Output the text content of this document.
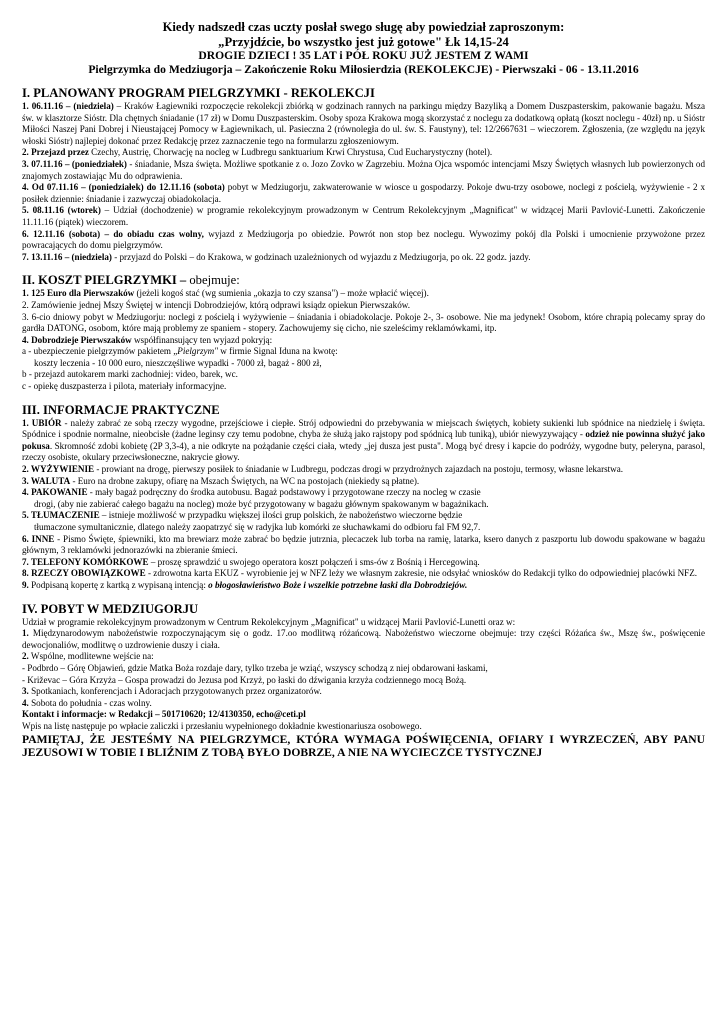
Kiedy nadszedł czas uczty posłał swego sługę aby powiedział zaproszonym:
„Przyjdźcie, bo wszystko jest już gotowe" Łk 14,15-24
DROGIE DZIECI ! 35 LAT i PÓŁ ROKU JUŻ JESTEM Z WAMI
Pielgrzymka do Medziugorja – Zakończenie Roku Miłosierdzia (REKOLEKCJE) - Pierwszaki - 06 - 13.11.2016
I. PLANOWANY PROGRAM PIELGRZYMKI - REKOLEKCJI

1. 06.11.16 – (niedziela) – Kraków Łagiewniki rozpoczęcie rekolekcji zbiórką w godzinach rannych na parkingu między Bazyliką a Domem Duszpasterskim, pakowanie bagażu. Msza św. w klasztorze Sióstr. Dla chętnych śniadanie (17 zł) w Domu Duszpasterskim. Osoby spoza Krakowa mogą skorzystać z noclegu za dodatkową opłatą (koszt noclegu - 40zł) np. u Sióstr Miłości Naszej Pani Dobrej i Nieustającej Pomocy w Łagiewnikach, ul. Pasieczna 2 (równoległa do ul. św. S. Faustyny), tel: 12/2667631 – wieczorem. Zgłoszenia, (ze względu na język włoski Sióstr) najlepiej dokonać przez Redakcję przez zaznaczenie tego na formularzu zgłoszeniowym.

2. Przejazd przez Czechy, Austrię, Chorwację na nocleg w Ludbregu sanktuarium Krwi Chrystusa, Cud Eucharystyczny (hotel).

3. 07.11.16 – (poniedziałek) - śniadanie, Msza święta. Możliwe spotkanie z o. Jozo Zovko w Zagrzebiu. Można Ojca wspomóc intencjami Mszy Świętych własnych lub powierzonych od znajomych zostawiając Mu do odprawienia.

4. Od 07.11.16 – (poniedziałek) do 12.11.16 (sobota) pobyt w Medziugorju, zakwaterowanie w wiosce u gospodarzy. Pokoje dwu-trzy osobowe, noclegi z pościelą, wyżywienie - 2 x posiłek dziennie: śniadanie i zazwyczaj obiadokolacja.

5. 08.11.16 (wtorek) – Udział (dochodzenie) w programie rekolekcyjnym prowadzonym w Centrum Rekolekcyjnym „Magnificat" w widzącej Marii Pavlović-Lunetti. Zakończenie 11.11.16 (piątek) wieczorem.

6. 12.11.16 (sobota) – do obiadu czas wolny, wyjazd z Medziugorja po obiedzie. Powrót non stop bez noclegu. Wywozimy pokój dla Polski i umocnienie przywożone przez powracających do domu pielgrzymów.

7. 13.11.16 – (niedziela) - przyjazd do Polski – do Krakowa, w godzinach uzależnionych od wyjazdu z Medziugorja, po ok. 22 godz. jazdy.

II. KOSZT PIELGRZYMKI – obejmuje:

1. 125 Euro dla Pierwszaków (jeżeli kogoś stać (wg sumienia „okazja to czy szansa") – może wpłacić więcej).

2. Zamówienie jednej Mszy Świętej w intencji Dobrodziejów, którą odprawi ksiądz opiekun Pierwszaków.

3. 6-cio dniowy pobyt w Medziugorju: noclegi z pościelą i wyżywienie – śniadania i obiadokolacje. Pokoje 2-, 3- osobowe. Nie ma jedynek! Osobom, które chrapią polecamy spray do gardła DATONG, osobom, które mają problemy ze spaniem - stopery. Zachowujemy się cicho, nie szeleścimy reklamówkami, itp.

4. Dobrodzieje Pierwszaków współfinansujący ten wyjazd pokryją:

a - ubezpieczenie pielgrzymów pakietem „Pielgrzym" w firmie Signal Iduna na kwotę:

koszty leczenia - 10 000 euro, nieszczęśliwe wypadki - 7000 zł, bagaż - 800 zł,

b - przejazd autokarem marki zachodniej: video, barek, wc.

c - opiekę duszpasterza i pilota, materiały informacyjne.

III. INFORMACJE PRAKTYCZNE

1. UBIÓR - należy zabrać ze sobą rzeczy wygodne, przejściowe i ciepłe. Strój odpowiedni do przebywania w miejscach świętych, kobiety sukienki lub spódnice na niedzielę i święta. Spódnice i spodnie normalne, nieobcisłe (żadne leginsy czy temu podobne, chyba że służą jako rajstopy pod spódnicą lub tuniką), ubiór niewyzywający - odzież nie powinna służyć jako pokusa. Skromność zdobi kobietę (2P 3,3-4), a nie odkryte na pożądanie części ciała, wtedy „jej dusza jest pusta". Mogą być dresy i kapcie do podróży, wygodne buty, peleryna, parasol, rzeczy osobiste, okulary przeciwsłoneczne, nakrycie głowy.

2. WYŻYWIENIE - prowiant na drogę, pierwszy posiłek to śniadanie w Ludbregu, podczas drogi w przydrożnych zajazdach na postoju, termosy, własne lekarstwa.

3. WALUTA - Euro na drobne zakupy, ofiarę na Mszach Świętych, na WC na postojach (niekiedy są płatne).

4. PAKOWANIE - mały bagaż podręczny do środka autobusu. Bagaż podstawowy i przygotowane rzeczy na nocleg w czasie

drogi, (aby nie zabierać całego bagażu na nocleg) może być przygotowany w bagażu głównym spakowanym w bagażnikach.

5. TŁUMACZENIE – istnieje możliwość w przypadku większej ilości grup polskich, że nabożeństwo wieczorne będzie

tłumaczone symultanicznie, dlatego należy zaopatrzyć się w radyjka lub komórki ze słuchawkami do odbioru fal FM 92,7.

6. INNE - Pismo Święte, śpiewniki, kto ma brewiarz może zabrać bo będzie jutrznia, plecaczek lub torba na ramię, latarka, ksero danych z paszportu lub dowodu spakowane w bagażu głównym, 3 reklamówki jednorazówki na zbieranie śmieci.

7. TELEFONY KOMÓRKOWE – proszę sprawdzić u swojego operatora koszt połączeń i sms-ów z Bośnią i Hercegowiną.

8. RZECZY OBOWIĄZKOWE - zdrowotna karta EKUZ - wyrobienie jej w NFZ leży we własnym zakresie, nie odsyłać wniosków do Redakcji tylko do odpowiedniej placówki NFZ.

9. Podpisaną kopertę z kartką z wypisaną intencją: o błogosławieństwo Boże i wszelkie potrzebne łaski dla Dobrodziejów.

IV. POBYT W MEDZIUGORJU

Udział w programie rekolekcyjnym prowadzonym w Centrum Rekolekcyjnym „Magnificat" u widzącej Marii Pavlović-Lunetti oraz w:

1. Międzynarodowym nabożeństwie rozpoczynającym się o godz. 17.oo modlitwą różańcową. Nabożeństwo wieczorne obejmuje: trzy części Różańca św., Mszę św., poświęcenie dewocjonaliów, modlitwę o uzdrowienie duszy i ciała.

2. Wspólne, modlitewne wejście na:

- Podbrdo – Górę Objawień, gdzie Matka Boża rozdaje dary, tylko trzeba je wziąć, wszyscy schodzą z niej obdarowani łaskami,

- Križevac – Góra Krzyża – Gospa prowadzi do Jezusa pod Krzyż, po łaski do dźwigania krzyża codziennego mocą Bożą.

3. Spotkaniach, konferencjach i Adoracjach przygotowanych przez organizatorów.

4. Sobota do południa - czas wolny.

Kontakt i informacje: w Redakcji – 501710620; 12/4130350, echo@ceti.pl

Wpis na listę następuje po wpłacie zaliczki i przesłaniu wypełnionego dokładnie kwestionariusza osobowego.

PAMIĘTAJ, ŻE JESTEŚMY NA PIELGRZYMCE, KTÓRA WYMAGA POŚWIĘCENIA, OFIARY I WYRZECZEŃ, ABY PANU JEZUSOWI W TOBIE I BLIŹNIM Z TOBĄ BYŁO DOBRZE, A NIE NA WYCIECZCE TYSTYCZNEJ
